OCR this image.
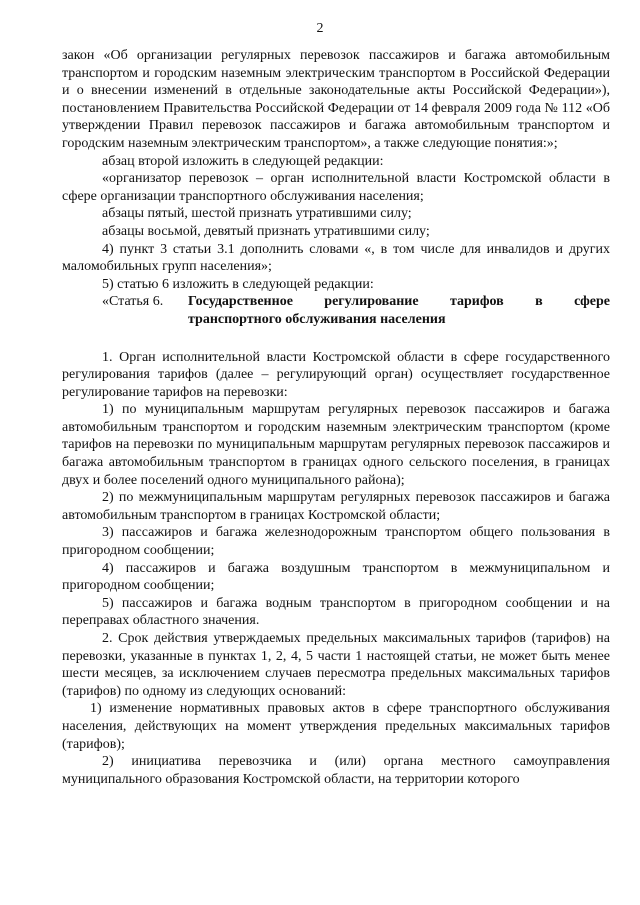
2

закон «Об организации регулярных перевозок пассажиров и багажа автомобильным транспортом и городским наземным электрическим транспортом в Российской Федерации и о внесении изменений в отдельные законодательные акты Российской Федерации»), постановлением Правительства Российской Федерации от 14 февраля 2009 года № 112 «Об утверждении Правил перевозок пассажиров и багажа автомобильным транспортом и городским наземным электрическим транспортом», а также следующие понятия:»;

абзац второй изложить в следующей редакции:

«организатор перевозок – орган исполнительной власти Костромской области в сфере организации транспортного обслуживания населения;

абзацы пятый, шестой признать утратившими силу;

абзацы восьмой, девятый признать утратившими силу;

4) пункт 3 статьи 3.1 дополнить словами «, в том числе для инвалидов и других маломобильных групп населения»;

5) статью 6 изложить в следующей редакции:

«Статья 6.	Государственное регулирование тарифов в сфере
транспортного обслуживания населения

1. Орган исполнительной власти Костромской области в сфере государственного регулирования тарифов (далее – регулирующий орган) осуществляет государственное регулирование тарифов на перевозки:

1) по муниципальным маршрутам регулярных перевозок пассажиров и багажа автомобильным транспортом и городским наземным электрическим транспортом (кроме тарифов на перевозки по муниципальным маршрутам регулярных перевозок пассажиров и багажа автомобильным транспортом в границах одного сельского поселения, в границах двух и более поселений одного муниципального района);

2) по межмуниципальным маршрутам регулярных перевозок пассажиров и багажа автомобильным транспортом в границах Костромской области;

3) пассажиров и багажа железнодорожным транспортом общего пользования в пригородном сообщении;

4) пассажиров и багажа воздушным транспортом в межмуниципальном и пригородном сообщении;

5) пассажиров и багажа водным транспортом в пригородном сообщении и на переправах областного значения.

2. Срок действия утверждаемых предельных максимальных тарифов (тарифов) на перевозки, указанные в пунктах 1, 2, 4, 5 части 1 настоящей статьи, не может быть менее шести месяцев, за исключением случаев пересмотра предельных максимальных тарифов (тарифов) по одному из следующих оснований:

1) изменение нормативных правовых актов в сфере транспортного обслуживания населения, действующих на момент утверждения предельных максимальных тарифов (тарифов);

2) инициатива перевозчика и (или) органа местного самоуправления муниципального образования Костромской области, на территории которого
